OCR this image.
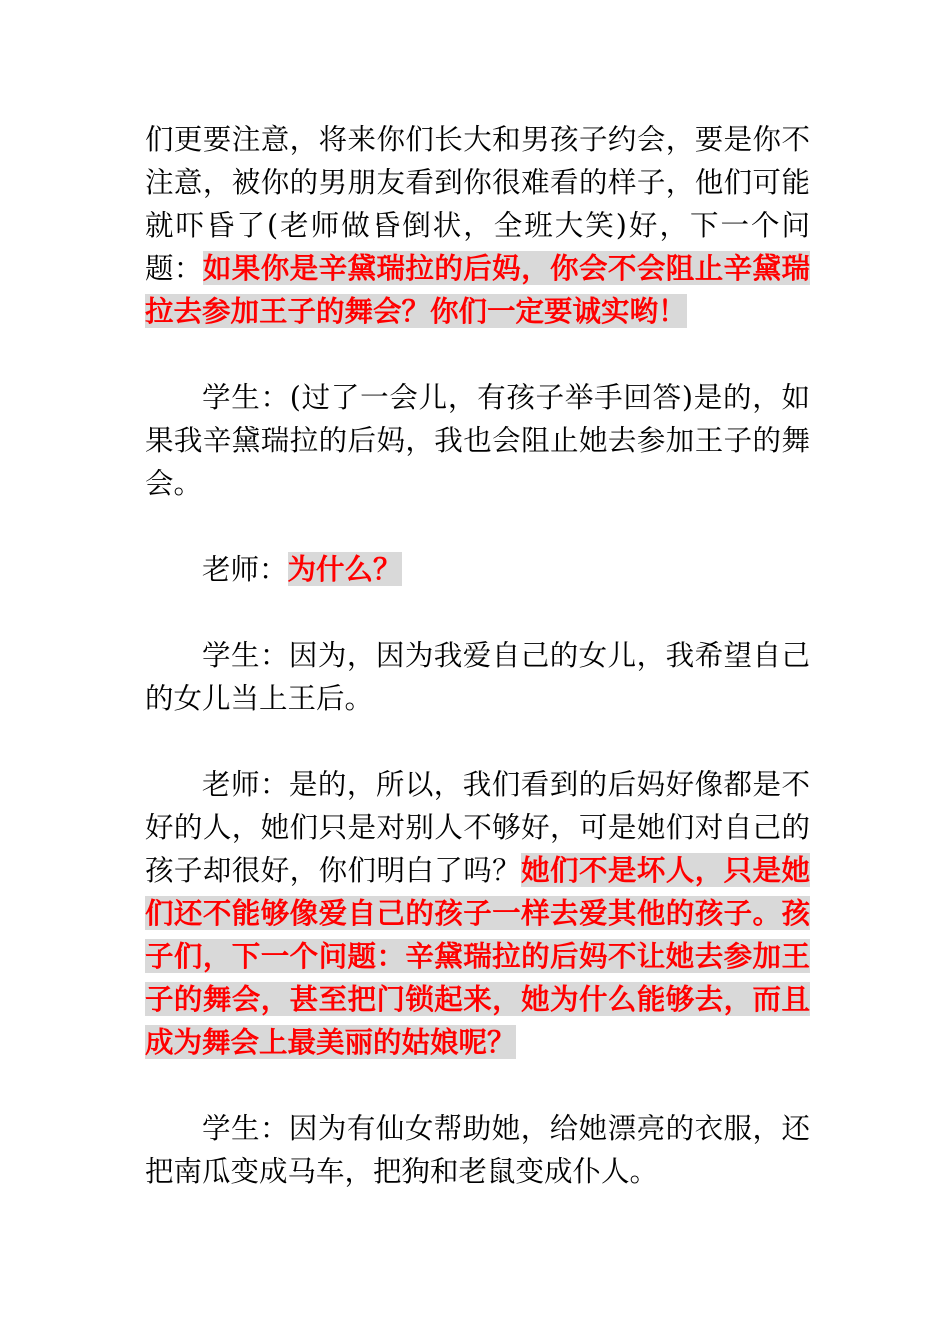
们更要注意，将来你们长大和男孩子约会，要是你不注意，被你的男朋友看到你很难看的样子，他们可能就吓昏了(老师做昏倒状，全班大笑)好，下一个问题：如果你是辛黛瑞拉的后妈，你会不会阻止辛黛瑞拉去参加王子的舞会？你们一定要诚实哟！

学生：(过了一会儿，有孩子举手回答)是的，如果我辛黛瑞拉的后妈，我也会阻止她去参加王子的舞会。

老师：为什么？

学生：因为，因为我爱自己的女儿，我希望自己的女儿当上王后。

老师：是的，所以，我们看到的后妈好像都是不好的人，她们只是对别人不够好，可是她们对自己的孩子却很好，你们明白了吗？她们不是坏人，只是她们还不能够像爱自己的孩子一样去爱其他的孩子。孩子们，下一个问题：辛黛瑞拉的后妈不让她去参加王子的舞会，甚至把门锁起来，她为什么能够去，而且成为舞会上最美丽的姑娘呢？

学生：因为有仙女帮助她，给她漂亮的衣服，还把南瓜变成马车，把狗和老鼠变成仆人。
